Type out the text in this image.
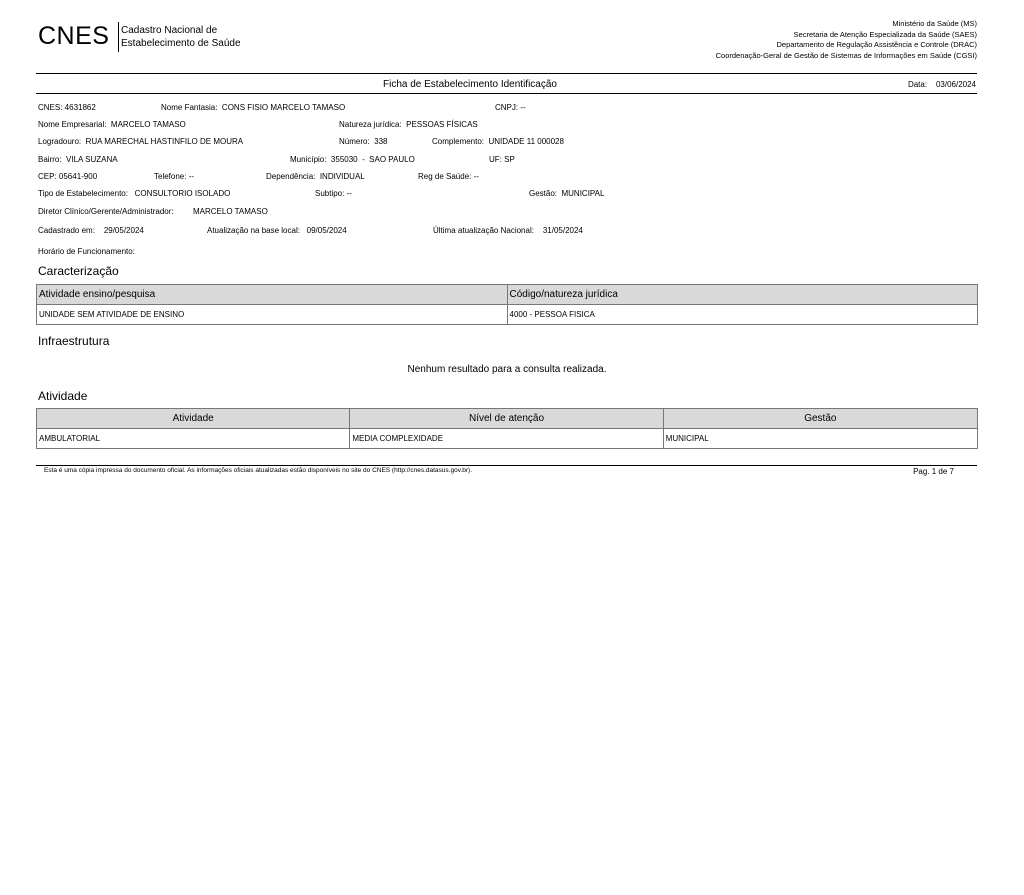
CNES Cadastro Nacional de
Estabelecimento de Saúde
Ministério da Saúde (MS)
Secretaria de Atenção Especializada da Saúde (SAES)
Departamento de Regulação Assistência e Controle (DRAC)
Coordenação-Geral de Gestão de Sistemas de Informações em Saúde (CGSI)
Ficha de Estabelecimento Identificação	Data: 03/06/2024
CNES: 4631862	Nome Fantasia: CONS FISIO MARCELO TAMASO	CNPJ: --
Nome Empresarial: MARCELO TAMASO	Natureza jurídica: PESSOAS FÍSICAS
Logradouro: RUA MARECHAL HASTINFILO DE MOURA	Número: 338	Complemento: UNIDADE 11 000028
Bairro: VILA SUZANA	Município: 355030  -  SAO PAULO	UF: SP
CEP: 05641-900	Telefone: --	Dependência: INDIVIDUAL	Reg de Saúde: --
Tipo de Estabelecimento: CONSULTORIO ISOLADO	Subtipo: --	Gestão: MUNICIPAL
Diretor Clínico/Gerente/Administrador: MARCELO TAMASO
Cadastrado em: 29/05/2024	Atualização na base local: 09/05/2024	Última atualização Nacional: 31/05/2024
Horário de Funcionamento:
Caracterização
Atividade ensino/pesquisa	Código/natureza jurídica
UNIDADE SEM ATIVIDADE DE ENSINO	4000 - PESSOA FISICA
Infraestrutura
Nenhum resultado para a consulta realizada.
Atividade
Atividade	Nível de atenção	Gestão
AMBULATORIAL	MEDIA COMPLEXIDADE	MUNICIPAL
Esta é uma cópia impressa do documento oficial. As informações oficiais atualizadas estão disponíveis no site do CNES (http://cnes.datasus.gov.br).	Pag. 1 de 7
